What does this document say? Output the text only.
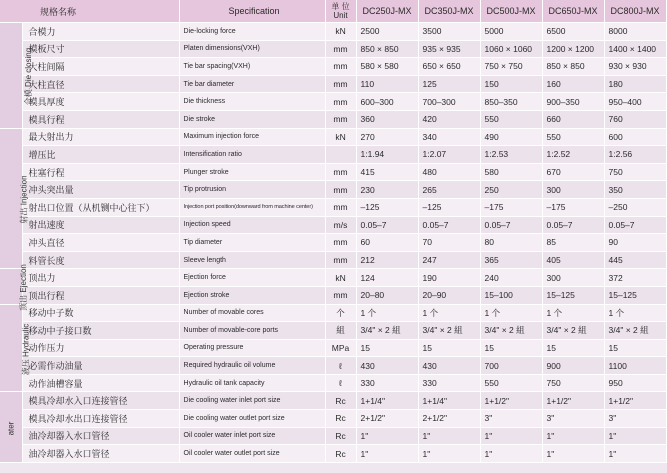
规格名称		Specification	单 位
Unit	DC250J-MX	DC350J-MX	DC500J-MX	DC650J-MX	DC800J-MX
合模 Die closing	合模力	Die-locking force	kN	2500	3500	5000	6500	8000
	模板尺寸	Platen dimensions(VXH)	mm	850 × 850	935 × 935	1060 × 1060	1200 × 1200	1400 × 1400
	大柱间隔	Tie bar spacing(VXH)	mm	580 × 580	650 × 650	750 × 750	850 × 850	930 × 930
	大柱直径	Tie bar diameter	mm	110	125	150	160	180
	模具厚度	Die thickness	mm	600–300	700–300	850–350	900–350	950–400
	模具行程	Die stroke	mm	360	420	550	660	760
射出 Injection	最大射出力	Maximum injection force	kN	270	340	490	550	600
	增压比	Intensification ratio		1:1.94	1:2.07	1:2.53	1:2.52	1:2.56
	柱塞行程	Plunger stroke	mm	415	480	580	670	750
	冲头突出量	Tip protrusion	mm	230	265	250	300	350
	射出口位置（从机铡中心往下）	Injection port position(downward from machine center)	mm	–125	–125	–175	–175	–250
	射出速度	Injection speed	m/s	0.05–7	0.05–7	0.05–7	0.05–7	0.05–7
	冲头直径	Tip diameter	mm	60	70	80	85	90
	料管长度	Sleeve length	mm	212	247	365	405	445
顶出 Ejection	顶出力	Ejection force	kN	124	190	240	300	372
	顶出行程	Ejection stroke	mm	20–80	20–90	15–100	15–125	15–125
液压 Hydraulic	移动中子数	Number of movable cores	个	1 个	1 个	1 个	1 个	1 个
	移动中子接口数	Number of movable-core ports	組	3/4" × 2 組	3/4" × 2 組	3/4" × 2 組	3/4" × 2 組	3/4" × 2 組
	动作压力	Operating pressure	MPa	15	15	15	15	15
	必需作动油量	Required hydraulic oil volume	ℓ	430	430	700	900	1100
	动作油槽容量	Hydraulic oil tank capacity	ℓ	330	330	550	750	950
ater	模具冷却水入口连接管径	Die cooling water inlet port size	Rc	1+1/4"	1+1/4"	1+1/2"	1+1/2"	1+1/2"
	模具冷却水出口连接管径	Die cooling water outlet port size	Rc	2+1/2"	2+1/2"	3"	3"	3"
	油冷却器入水口管径	Oil cooler water inlet port size	Rc	1"	1"	1"	1"	1"
	油冷却器入水口管径	Oil cooler water outlet port size	Rc	1"	1"	1"	1"	1"
